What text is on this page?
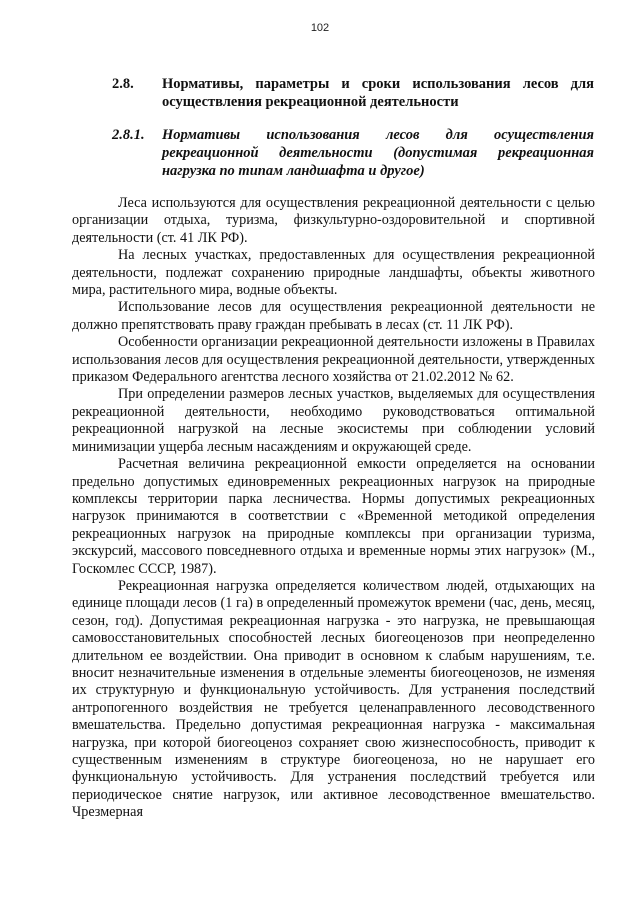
102
2.8. Нормативы, параметры и сроки использования лесов для осуществления рекреационной деятельности
2.8.1. Нормативы использования лесов для осуществления рекреационной деятельности (допустимая рекреационная нагрузка по типам ландшафта и другое)

Леса используются для осуществления рекреационной деятельности с целью организации отдыха, туризма, физкультурно-оздоровительной и спортивной деятельности (ст. 41 ЛК РФ).

На лесных участках, предоставленных для осуществления рекреационной деятельности, подлежат сохранению природные ландшафты, объекты животного мира, растительного мира, водные объекты.

Использование лесов для осуществления рекреационной деятельности не должно препятствовать праву граждан пребывать в лесах (ст. 11 ЛК РФ).

Особенности организации рекреационной деятельности изложены в Правилах использования лесов для осуществления рекреационной деятельности, утвержденных приказом Федерального агентства лесного хозяйства от 21.02.2012 № 62.

При определении размеров лесных участков, выделяемых для осуществления рекреационной деятельности, необходимо руководствоваться оптимальной рекреационной нагрузкой на лесные экосистемы при соблюдении условий минимизации ущерба лесным насаждениям и окружающей среде.

Расчетная величина рекреационной емкости определяется на основании предельно допустимых единовременных рекреационных нагрузок на природные комплексы территории парка лесничества. Нормы допустимых рекреационных нагрузок принимаются в соответствии с «Временной методикой определения рекреационных нагрузок на природные комплексы при организации туризма, экскурсий, массового повседневного отдыха и временные нормы этих нагрузок» (М., Госкомлес СССР, 1987).

Рекреационная нагрузка определяется количеством людей, отдыхающих на единице площади лесов (1 га) в определенный промежуток времени (час, день, месяц, сезон, год). Допустимая рекреационная нагрузка - это нагрузка, не превышающая самовосстановительных способностей лесных биогеоценозов при неопределенно длительном ее воздействии. Она приводит в основном к слабым нарушениям, т.е. вносит незначительные изменения в отдельные элементы биогеоценозов, не изменяя их структурную и функциональную устойчивость. Для устранения последствий антропогенного воздействия не требуется целенаправленного лесоводственного вмешательства. Предельно допустимая рекреационная нагрузка - максимальная нагрузка, при которой биогеоценоз сохраняет свою жизнеспособность, приводит к существенным изменениям в структуре биогеоценоза, но не нарушает его функциональную устойчивость. Для устранения последствий требуется или периодическое снятие нагрузок, или активное лесоводственное вмешательство. Чрезмерная
